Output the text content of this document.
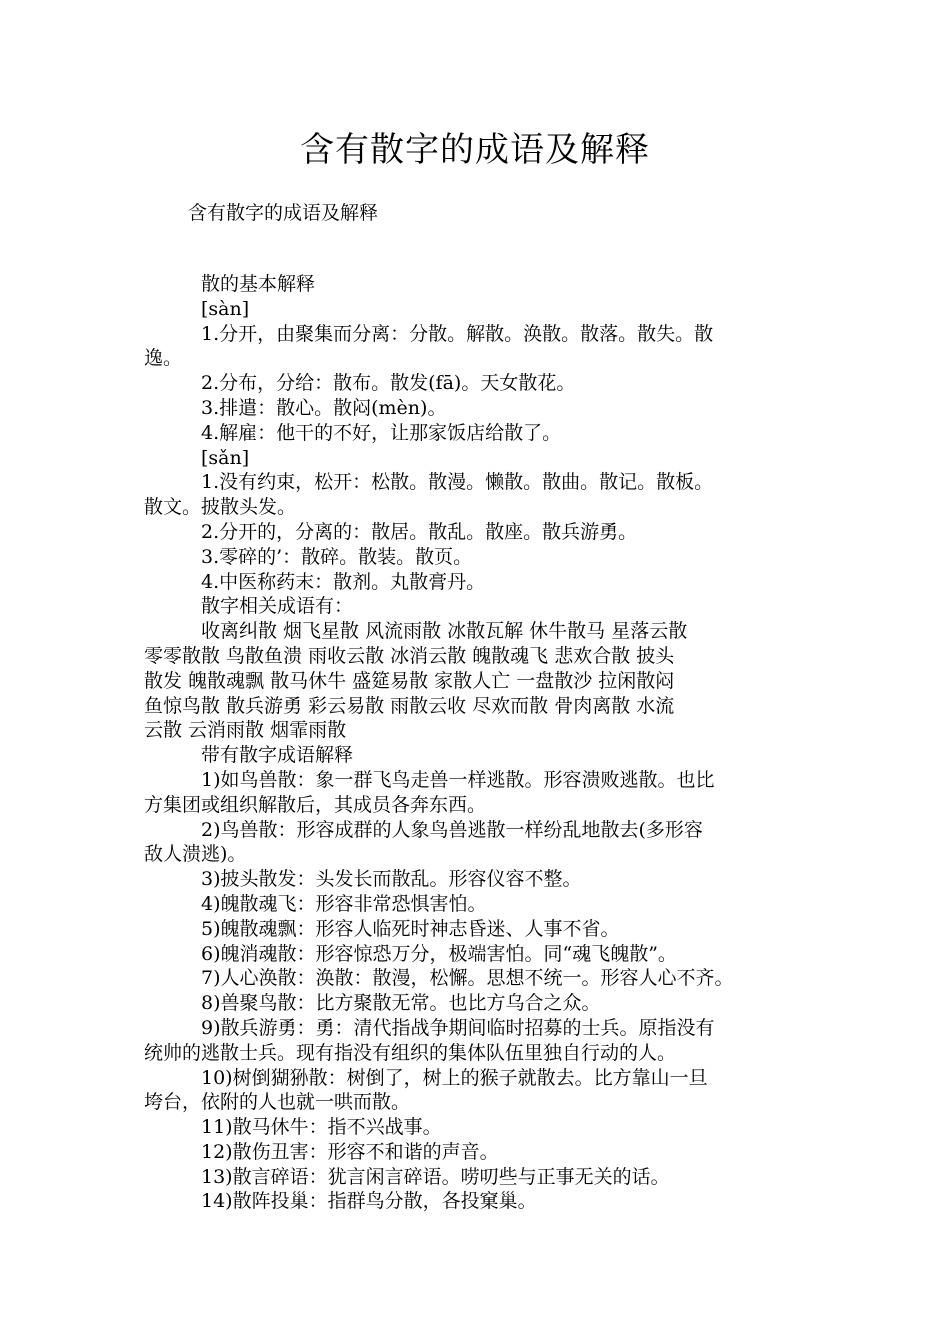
含有散字的成语及解释
含有散字的成语及解释

散的基本解释

[sàn]

1.分开，由聚集而分离：分散。解散。涣散。散落。散失。散

逸。

2.分布，分给：散布。散发(fā)。天女散花。

3.排遣：散心。散闷(mèn)。

4.解雇：他干的不好，让那家饭店给散了。

[sǎn]

1.没有约束，松开：松散。散漫。懒散。散曲。散记。散板。

散文。披散头发。

2.分开的，分离的：散居。散乱。散座。散兵游勇。

3.零碎的’：散碎。散装。散页。

4.中医称药末：散剂。丸散膏丹。

散字相关成语有：

收离纠散 烟飞星散 风流雨散 冰散瓦解 休牛散马 星落云散

零零散散 鸟散鱼溃 雨收云散 冰消云散 魄散魂飞 悲欢合散 披头

散发 魄散魂飘 散马休牛 盛筵易散 家散人亡 一盘散沙 拉闲散闷

鱼惊鸟散 散兵游勇 彩云易散 雨散云收 尽欢而散 骨肉离散 水流

云散 云消雨散 烟霏雨散

带有散字成语解释

1)如鸟兽散：象一群飞鸟走兽一样逃散。形容溃败逃散。也比

方集团或组织解散后，其成员各奔东西。

2)鸟兽散：形容成群的人象鸟兽逃散一样纷乱地散去(多形容

敌人溃逃)。

3)披头散发：头发长而散乱。形容仪容不整。

4)魄散魂飞：形容非常恐惧害怕。

5)魄散魂飘：形容人临死时神志昏迷、人事不省。

6)魄消魂散：形容惊恐万分，极端害怕。同“魂飞魄散”。

7)人心涣散：涣散：散漫，松懈。思想不统一。形容人心不齐。

8)兽聚鸟散：比方聚散无常。也比方乌合之众。

9)散兵游勇：勇：清代指战争期间临时招募的士兵。原指没有

统帅的逃散士兵。现有指没有组织的集体队伍里独自行动的人。

10)树倒猢狲散：树倒了，树上的猴子就散去。比方靠山一旦

垮台，依附的人也就一哄而散。

11)散马休牛：指不兴战事。

12)散伤丑害：形容不和谐的声音。

13)散言碎语：犹言闲言碎语。唠叨些与正事无关的话。

14)散阵投巢：指群鸟分散，各投窠巢。
